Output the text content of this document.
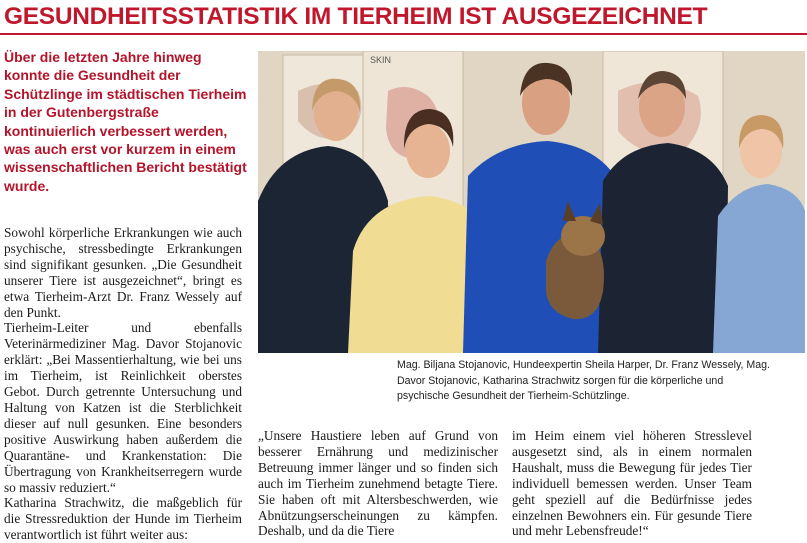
GESUNDHEITSSTATISTIK IM TIERHEIM IST AUSGEZEICHNET

Über die letzten Jahre hinweg konnte die Gesundheit der Schützlinge im städtischen Tierheim in der Gutenbergstraße kontinuierlich verbessert werden, was auch erst vor kurzem in einem wissenschaftlichen Bericht bestätigt wurde.

Sowohl körperliche Erkrankungen wie auch psychische, stressbedingte Erkrankungen sind signifikant gesunken. „Die Gesundheit unserer Tiere ist ausgezeichnet“, bringt es etwa Tierheim-Arzt Dr. Franz Wessely auf den Punkt.

Tierheim-Leiter und ebenfalls Veterinärmediziner Mag. Davor Stojanovic erklärt: „Bei Massentierhaltung, wie bei uns im Tierheim, ist Reinlichkeit oberstes Gebot. Durch getrennte Untersuchung und Haltung von Katzen ist die Sterblichkeit dieser auf null gesunken. Eine besonders positive Auswirkung haben außerdem die Quarantäne- und Krankenstation: Die Übertragung von Krankheitserregern wurde so massiv reduziert.“

Katharina Strachwitz, die maßgeblich für die Stressreduktion der Hunde im Tierheim verantwortlich ist führt weiter aus:

SKIN

Mag. Biljana Stojanovic, Hundeexpertin Sheila Harper, Dr. Franz Wessely, Mag. Davor Stojanovic, Katharina Strachwitz sorgen für die körperliche und psychische Gesundheit der Tierheim-Schützlinge.

„Unsere Haustiere leben auf Grund von besserer Ernährung und medizinischer Betreuung immer länger und so finden sich auch im Tierheim zunehmend betagte Tiere. Sie haben oft mit Altersbeschwerden, wie Abnützungserscheinungen zu kämpfen. Deshalb, und da die Tiere

im Heim einem viel höheren Stresslevel ausgesetzt sind, als in einem normalen Haushalt, muss die Bewegung für jedes Tier individuell bemessen werden. Unser Team geht speziell auf die Bedürfnisse jedes einzelnen Bewohners ein. Für gesunde Tiere und mehr Lebensfreude!“
